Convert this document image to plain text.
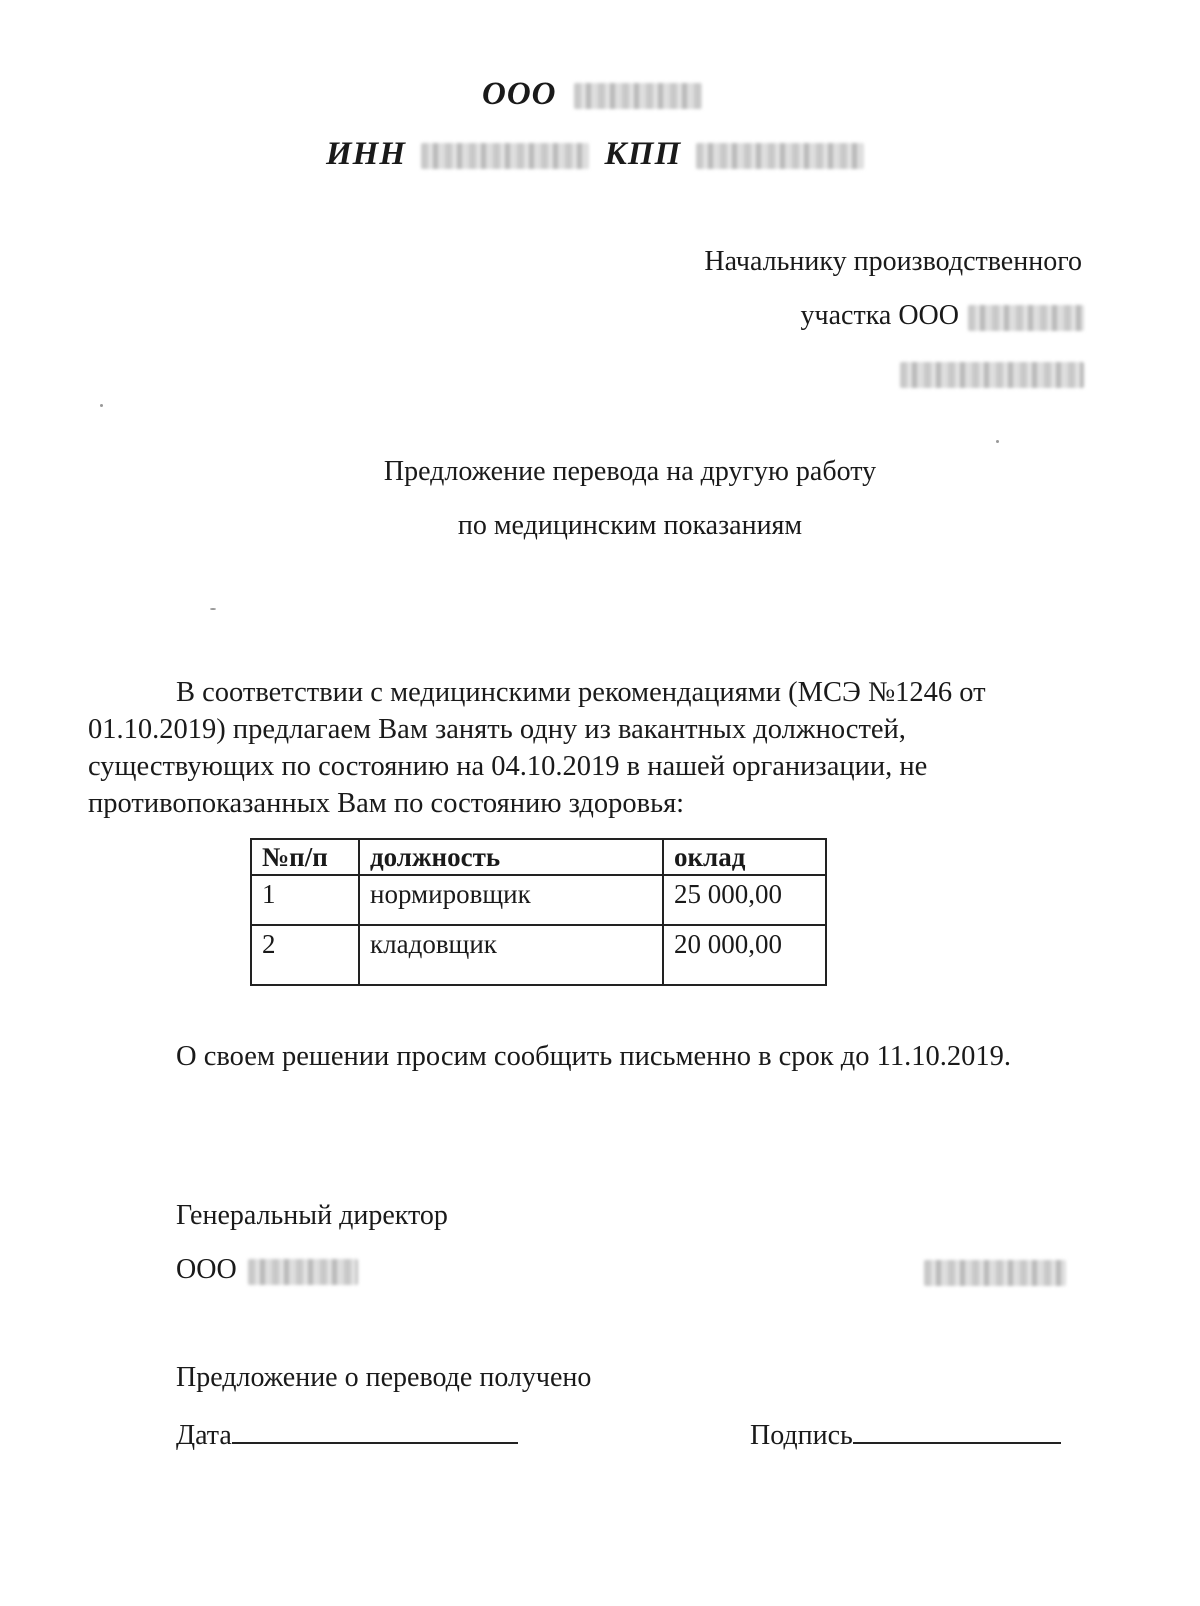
ООО
ИНН	КПП
Начальнику производственного
участка ООО
Предложение перевода на другую работу
по медицинским показаниям
В соответствии с медицинскими рекомендациями (МСЭ №1246 от
01.10.2019) предлагаем Вам занять одну из вакантных должностей,
существующих по состоянию на 04.10.2019 в нашей организации, не
противопоказанных Вам по состоянию здоровья:
№п/п	должность	оклад
1	нормировщик	25 000,00
2	кладовщик	20 000,00
О своем решении просим сообщить письменно в срок до 11.10.2019.
Генеральный директор
ООО
Предложение о переводе получено
Дата	Подпись
